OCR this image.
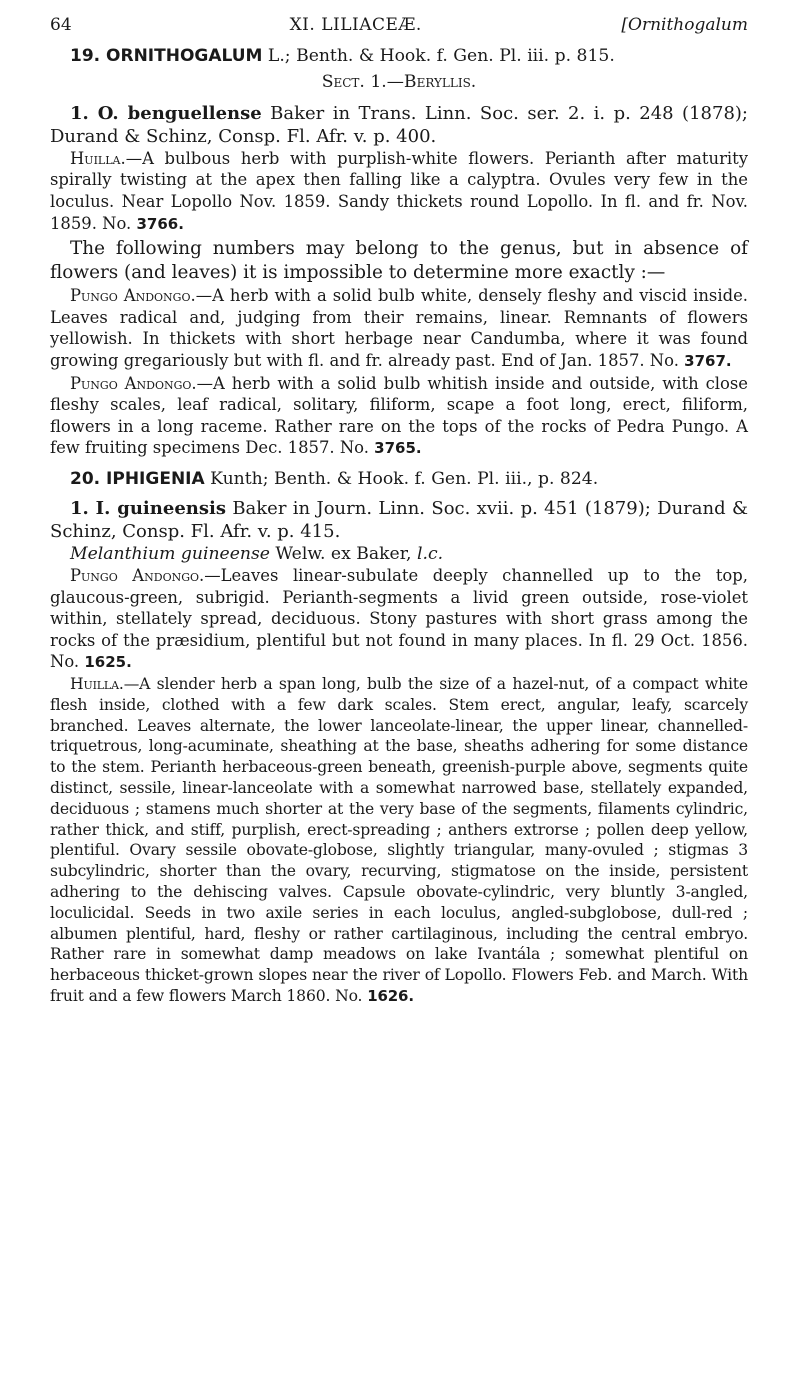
64	XI. LILIACEÆ.	[Ornithogalum

19. ORNITHOGALUM L.; Benth. & Hook. f. Gen. Pl. iii. p. 815.

Sect. 1.—Beryllis.

1. O. benguellense Baker in Trans. Linn. Soc. ser. 2. i. p. 248 (1878); Durand & Schinz, Consp. Fl. Afr. v. p. 400.

Huilla.—A bulbous herb with purplish-white flowers. Perianth after maturity spirally twisting at the apex then falling like a calyptra. Ovules very few in the loculus. Near Lopollo Nov. 1859. Sandy thickets round Lopollo. In fl. and fr. Nov. 1859. No. 3766.

The following numbers may belong to the genus, but in absence of flowers (and leaves) it is impossible to determine more exactly :—

Pungo Andongo.—A herb with a solid bulb white, densely fleshy and viscid inside. Leaves radical and, judging from their remains, linear. Remnants of flowers yellowish. In thickets with short herbage near Candumba, where it was found growing gregariously but with fl. and fr. already past. End of Jan. 1857. No. 3767.

Pungo Andongo.—A herb with a solid bulb whitish inside and outside, with close fleshy scales, leaf radical, solitary, filiform, scape a foot long, erect, filiform, flowers in a long raceme. Rather rare on the tops of the rocks of Pedra Pungo. A few fruiting specimens Dec. 1857. No. 3765.

20. IPHIGENIA Kunth; Benth. & Hook. f. Gen. Pl. iii., p. 824.

1. I. guineensis Baker in Journ. Linn. Soc. xvii. p. 451 (1879); Durand & Schinz, Consp. Fl. Afr. v. p. 415.

Melanthium guineense Welw. ex Baker, l.c.

Pungo Andongo.—Leaves linear-subulate deeply channelled up to the top, glaucous-green, subrigid. Perianth-segments a livid green outside, rose-violet within, stellately spread, deciduous. Stony pastures with short grass among the rocks of the præsidium, plentiful but not found in many places. In fl. 29 Oct. 1856. No. 1625.

Huilla.—A slender herb a span long, bulb the size of a hazel-nut, of a compact white flesh inside, clothed with a few dark scales. Stem erect, angular, leafy, scarcely branched. Leaves alternate, the lower lanceolate-linear, the upper linear, channelled-triquetrous, long-acuminate, sheathing at the base, sheaths adhering for some distance to the stem. Perianth herbaceous-green beneath, greenish-purple above, segments quite distinct, sessile, linear-lanceolate with a somewhat narrowed base, stellately expanded, deciduous ; stamens much shorter at the very base of the segments, filaments cylindric, rather thick, and stiff, purplish, erect-spreading ; anthers extrorse ; pollen deep yellow, plentiful. Ovary sessile obovate-globose, slightly triangular, many-ovuled ; stigmas 3 subcylindric, shorter than the ovary, recurving, stigmatose on the inside, persistent adhering to the dehiscing valves. Capsule obovate-cylindric, very bluntly 3-angled, loculicidal. Seeds in two axile series in each loculus, angled-subglobose, dull-red ; albumen plentiful, hard, fleshy or rather cartilaginous, including the central embryo. Rather rare in somewhat damp meadows on lake Ivantála ; somewhat plentiful on herbaceous thicket-grown slopes near the river of Lopollo. Flowers Feb. and March. With fruit and a few flowers March 1860. No. 1626.
